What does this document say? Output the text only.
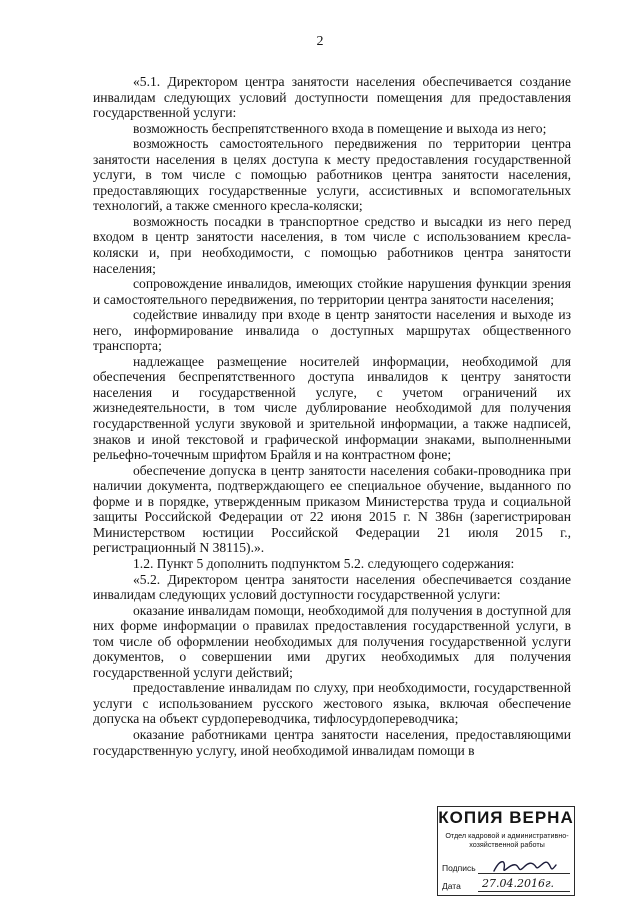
2

«5.1. Директором центра занятости населения обеспечивается создание инвалидам следующих условий доступности помещения для предоставления государственной услуги:

возможность беспрепятственного входа в помещение и выхода из него;

возможность самостоятельного передвижения по территории центра занятости населения в целях доступа к месту предоставления государственной услуги, в том числе с помощью работников центра занятости населения, предоставляющих государственные услуги, ассистивных и вспомогательных технологий, а также сменного кресла-коляски;

возможность посадки в транспортное средство и высадки из него перед входом в центр занятости населения, в том числе с использованием кресла-коляски и, при необходимости, с помощью работников центра занятости населения;

сопровождение инвалидов, имеющих стойкие нарушения функции зрения и самостоятельного передвижения, по территории центра занятости населения;

содействие инвалиду при входе в центр занятости населения и выходе из него, информирование инвалида о доступных маршрутах общественного транспорта;

надлежащее размещение носителей информации, необходимой для обеспечения беспрепятственного доступа инвалидов к центру занятости населения и государственной услуге, с учетом ограничений их жизнедеятельности, в том числе дублирование необходимой для получения государственной услуги звуковой и зрительной информации, а также надписей, знаков и иной текстовой и графической информации знаками, выполненными рельефно-точечным шрифтом Брайля и на контрастном фоне;

обеспечение допуска в центр занятости населения собаки-проводника при наличии документа, подтверждающего ее специальное обучение, выданного по форме и в порядке, утвержденным приказом Министерства труда и социальной защиты Российской Федерации от 22 июня 2015 г. N 386н (зарегистрирован Министерством юстиции Российской Федерации 21 июля 2015 г., регистрационный N 38115).».

1.2. Пункт 5 дополнить подпунктом 5.2. следующего содержания:

«5.2. Директором центра занятости населения обеспечивается создание инвалидам следующих условий доступности государственной услуги:

оказание инвалидам помощи, необходимой для получения в доступной для них форме информации о правилах предоставления государственной услуги, в том числе об оформлении необходимых для получения государственной услуги документов, о совершении ими других необходимых для получения государственной услуги действий;

предоставление инвалидам по слуху, при необходимости, государственной услуги с использованием русского жестового языка, включая обеспечение допуска на объект сурдопереводчика, тифлосурдопереводчика;

оказание работниками центра занятости населения, предоставляющими государственную услугу, иной необходимой инвалидам помощи в

КОПИЯ ВЕРНА
Отдел кадровой и административно-хозяйственной работы
Подпись
Дата 27.04.2016г.
